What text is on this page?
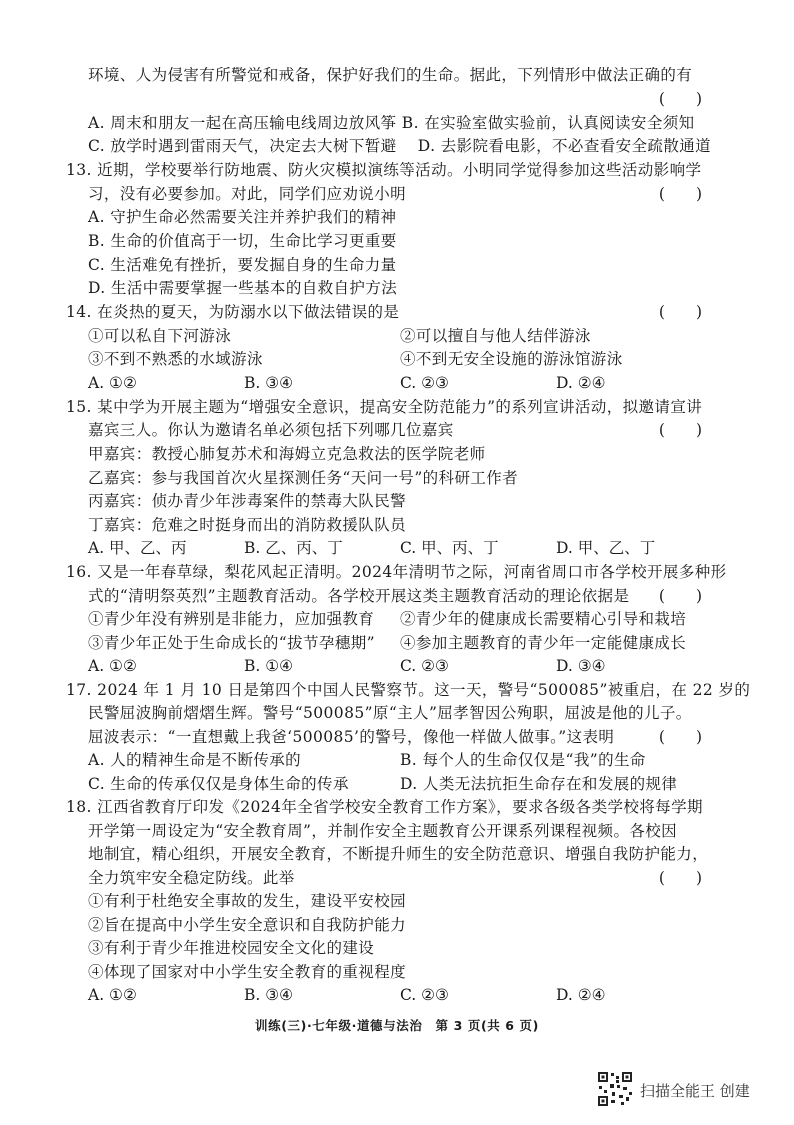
环境、人为侵害有所警觉和戒备，保护好我们的生命。据此，下列情形中做法正确的有
(　　)
A. 周末和朋友一起在高压输电线周边放风筝 B. 在实验室做实验前，认真阅读安全须知
C. 放学时遇到雷雨天气，决定去大树下暂避　 D. 去影院看电影，不必查看安全疏散通道
13. 近期，学校要举行防地震、防火灾模拟演练等活动。小明同学觉得参加这些活动影响学
习，没有必要参加。对此，同学们应劝说小明	(　　)
A. 守护生命必然需要关注并养护我们的精神
B. 生命的价值高于一切，生命比学习更重要
C. 生活难免有挫折，要发掘自身的生命力量
D. 生活中需要掌握一些基本的自救自护方法
14. 在炎热的夏天，为防溺水以下做法错误的是	(　　)
①可以私自下河游泳	②可以擅自与他人结伴游泳
③不到不熟悉的水域游泳	④不到无安全设施的游泳馆游泳
A. ①②	B. ③④	C. ②③	D. ②④
15. 某中学为开展主题为“增强安全意识，提高安全防范能力”的系列宣讲活动，拟邀请宣讲
嘉宾三人。你认为邀请名单必须包括下列哪几位嘉宾	(　　)
甲嘉宾：教授心肺复苏术和海姆立克急救法的医学院老师
乙嘉宾：参与我国首次火星探测任务“天问一号”的科研工作者
丙嘉宾：侦办青少年涉毒案件的禁毒大队民警
丁嘉宾：危难之时挺身而出的消防救援队队员
A. 甲、乙、丙	B. 乙、丙、丁	C. 甲、丙、丁	D. 甲、乙、丁
16. 又是一年春草绿，梨花风起正清明。2024年清明节之际，河南省周口市各学校开展多种形
式的“清明祭英烈”主题教育活动。各学校开展这类主题教育活动的理论依据是 (　　)
①青少年没有辨别是非能力，应加强教育 ②青少年的健康成长需要精心引导和栽培
③青少年正处于生命成长的“拔节孕穗期” ④参加主题教育的青少年一定能健康成长
A. ①②	B. ①④	C. ②③	D. ③④
17. 2024 年 1 月 10 日是第四个中国人民警察节。这一天，警号“500085”被重启，在 22 岁的
民警屈波胸前熠熠生辉。警号“500085”原“主人”屈孝智因公殉职，屈波是他的儿子。
屈波表示：“一直想戴上我爸‘500085’的警号，像他一样做人做事。”这表明	(　　)
A. 人的精神生命是不断传承的	B. 每个人的生命仅仅是“我”的生命
C. 生命的传承仅仅是身体生命的传承	D. 人类无法抗拒生命存在和发展的规律
18. 江西省教育厅印发《2024年全省学校安全教育工作方案》，要求各级各类学校将每学期
开学第一周设定为“安全教育周”，并制作安全主题教育公开课系列课程视频。各校因
地制宜，精心组织，开展安全教育，不断提升师生的安全防范意识、增强自我防护能力，
全力筑牢安全稳定防线。此举	(　　)
①有利于杜绝安全事故的发生，建设平安校园
②旨在提高中小学生安全意识和自我防护能力
③有利于青少年推进校园安全文化的建设
④体现了国家对中小学生安全教育的重视程度
A. ①②	B. ③④	C. ②③	D. ②④
训练(三)·七年级·道德与法治　第 3 页(共 6 页)
扫描全能王 创建
